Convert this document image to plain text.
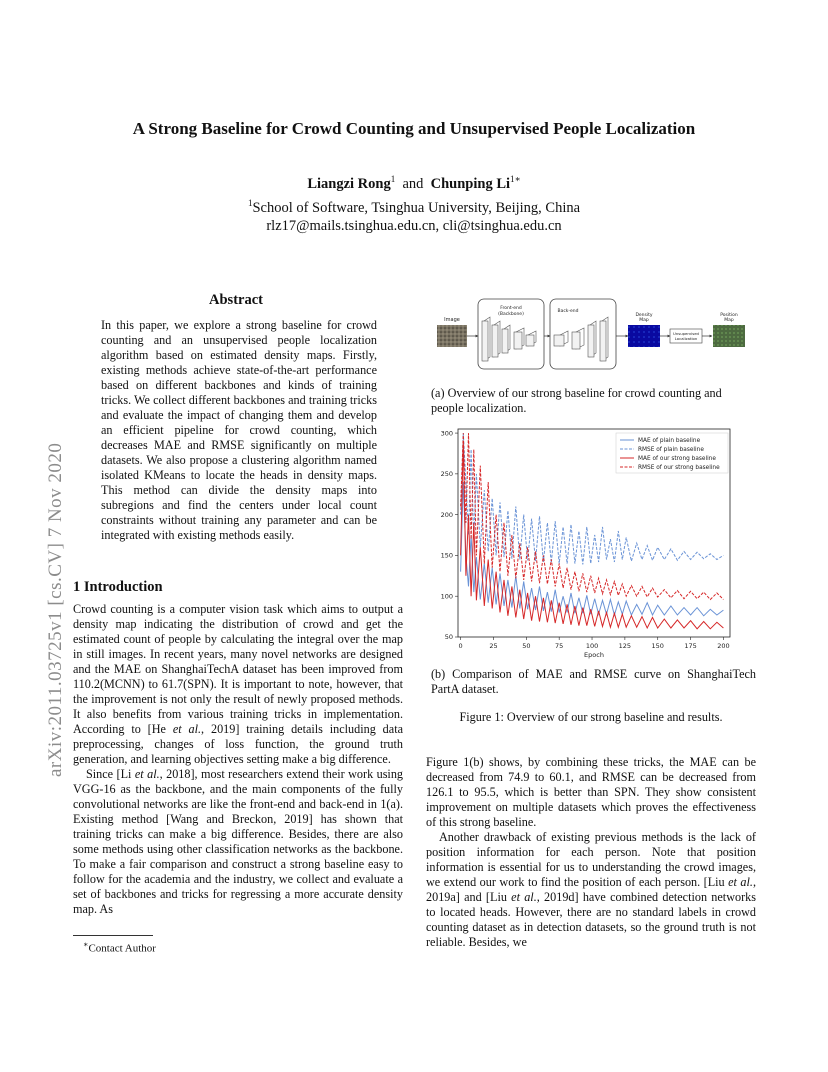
A Strong Baseline for Crowd Counting and Unsupervised People Localization
Liangzi Rong$^1$ and Chunping $Li^{1∗}$
$^1$School of Software, Tsinghua University, Beijing, China
rlz17@mails.tsinghua.edu.cn, cli@tsinghua.edu.cn
arXiv:2011.03725v1 [cs.CV] 7 Nov 2020
Abstract
In this paper, we explore a strong baseline for crowd counting and an unsupervised people localization algorithm based on estimated density maps. Firstly, existing methods achieve state-of-the-art performance based on different backbones and kinds of training tricks. We collect different backbones and training tricks and evaluate the impact of changing them and develop an efficient pipeline for crowd counting, which decreases MAE and RMSE significantly on multiple datasets. We also propose a clustering algorithm named isolated KMeans to locate the heads in density maps. This method can divide the density maps into subregions and find the centers under local count constraints without training any parameter and can be integrated with existing methods easily.
1 Introduction

Crowd counting is a computer vision task which aims to output a density map indicating the distribution of crowd and get the estimated count of people by calculating the integral over the map in still images. In recent years, many novel networks are designed and the MAE on ShanghaiTechA dataset has been improved from 110.2(MCNN) to 61.7(SPN). It is important to note, however, that the improvement is not only the result of newly proposed methods. It also benefits from various training tricks in implementation. According to [He et al., 2019] training details including data preprocessing, changes of loss function, the ground truth generation, and learning objectives setting make a big difference.

Since [Li et al., 2018], most researchers extend their work using VGG-16 as the backbone, and the main components of the fully convolutional networks are like the front-end and back-end in 1(a). Existing method [Wang and Breckon, 2019] has shown that training tricks can make a big difference. Besides, there are also some methods using other classification networks as the backbone. To make a fair comparison and construct a strong baseline easy to follow for the academia and the industry, we collect and evaluate a set of backbones and tricks for regressing a more accurate density map. As

∗Contact Author
Image
Front-end
(Backbone)
Back-end
Density
Map
Unsupervised
Localization
Position
Map
(a) Overview of our strong baseline for crowd counting and people localization.
0	25	50	75	100	125	150	175	200
50
100
150
200
250
300
Epoch
MAE of plain baseline
RMSE of plain baseline
MAE of our strong baseline
RMSE of our strong baseline
(b) Comparison of MAE and RMSE curve on ShanghaiTech PartA dataset.
Figure 1: Overview of our strong baseline and results.

Figure 1(b) shows, by combining these tricks, the MAE can be decreased from 74.9 to 60.1, and RMSE can be decreased from 126.1 to 95.5, which is better than SPN. They show consistent improvement on multiple datasets which proves the effectiveness of this strong baseline.

Another drawback of existing previous methods is the lack of position information for each person. Note that position information is essential for us to understanding the crowd images, we extend our work to find the position of each person. [Liu et al., 2019a] and [Liu et al., 2019d] have combined detection networks to located heads. However, there are no standard labels in crowd counting dataset as in detection datasets, so the ground truth is not reliable. Besides, we
